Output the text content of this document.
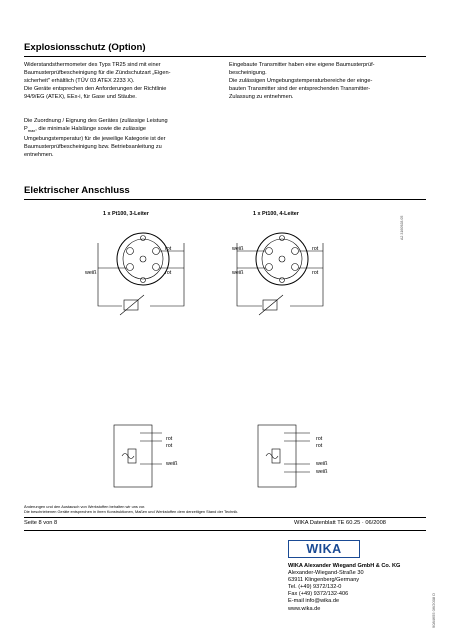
Explosionsschutz (Option)
Widerstandsthermometer des Typs TR25 sind mit einer
Baumusterprüfbescheinigung für die Zündschutzart „Eigen-
sicherheit" erhältlich (TÜV 03 ATEX 2233 X).
Die Geräte entsprechen den Anforderungen der Richtlinie
94/9/EG (ATEX), EEx-i, für Gase und Stäube.
Die Zuordnung / Eignung des Gerätes (zulässige Leistung
$P_{max}$, die minimale Halslänge sowie die zulässige
Umgebungstemperatur) für die jeweilige Kategorie ist der
Baumusterprüfbescheinigung bzw. Betriebsanleitung zu
entnehmen.
Eingebaute Transmitter haben eine eigene Baumusterprüf-
bescheinigung.
Die zulässigen Umgebungstemperaturbereiche der einge-
bauten Transmitter sind der entsprechenden Transmitter-
Zulassung zu entnehmen.
Elektrischer Anschluss
1 x Pt100, 3-Leiter	1 x Pt100, 4-Leiter
A2 3160928.05
rot
weiß	rot
rot
rot
weiß
weiß	rot
weiß	rot
rot
rot
weiß
weiß
Änderungen und den Austausch von Werkstoffen behalten wir uns vor.
Die beschriebenen Geräte entsprechen in ihren Konstruktionen, Maßen und Werkstoffen dem derzeitigen Stand der Technik.
Seite 8 von 8	WIKA Datenblatt TE 60.25 · 06/2008
WIKA
WIKA Alexander Wiegand GmbH & Co. KG
Alexander-Wiegand-Straße 30
63911 Klingenberg/Germany
Tel. (+49) 9372/132-0
Fax (+49) 9372/132-406
E-mail info@wika.de
www.wika.de	9084655 06/2008 D
